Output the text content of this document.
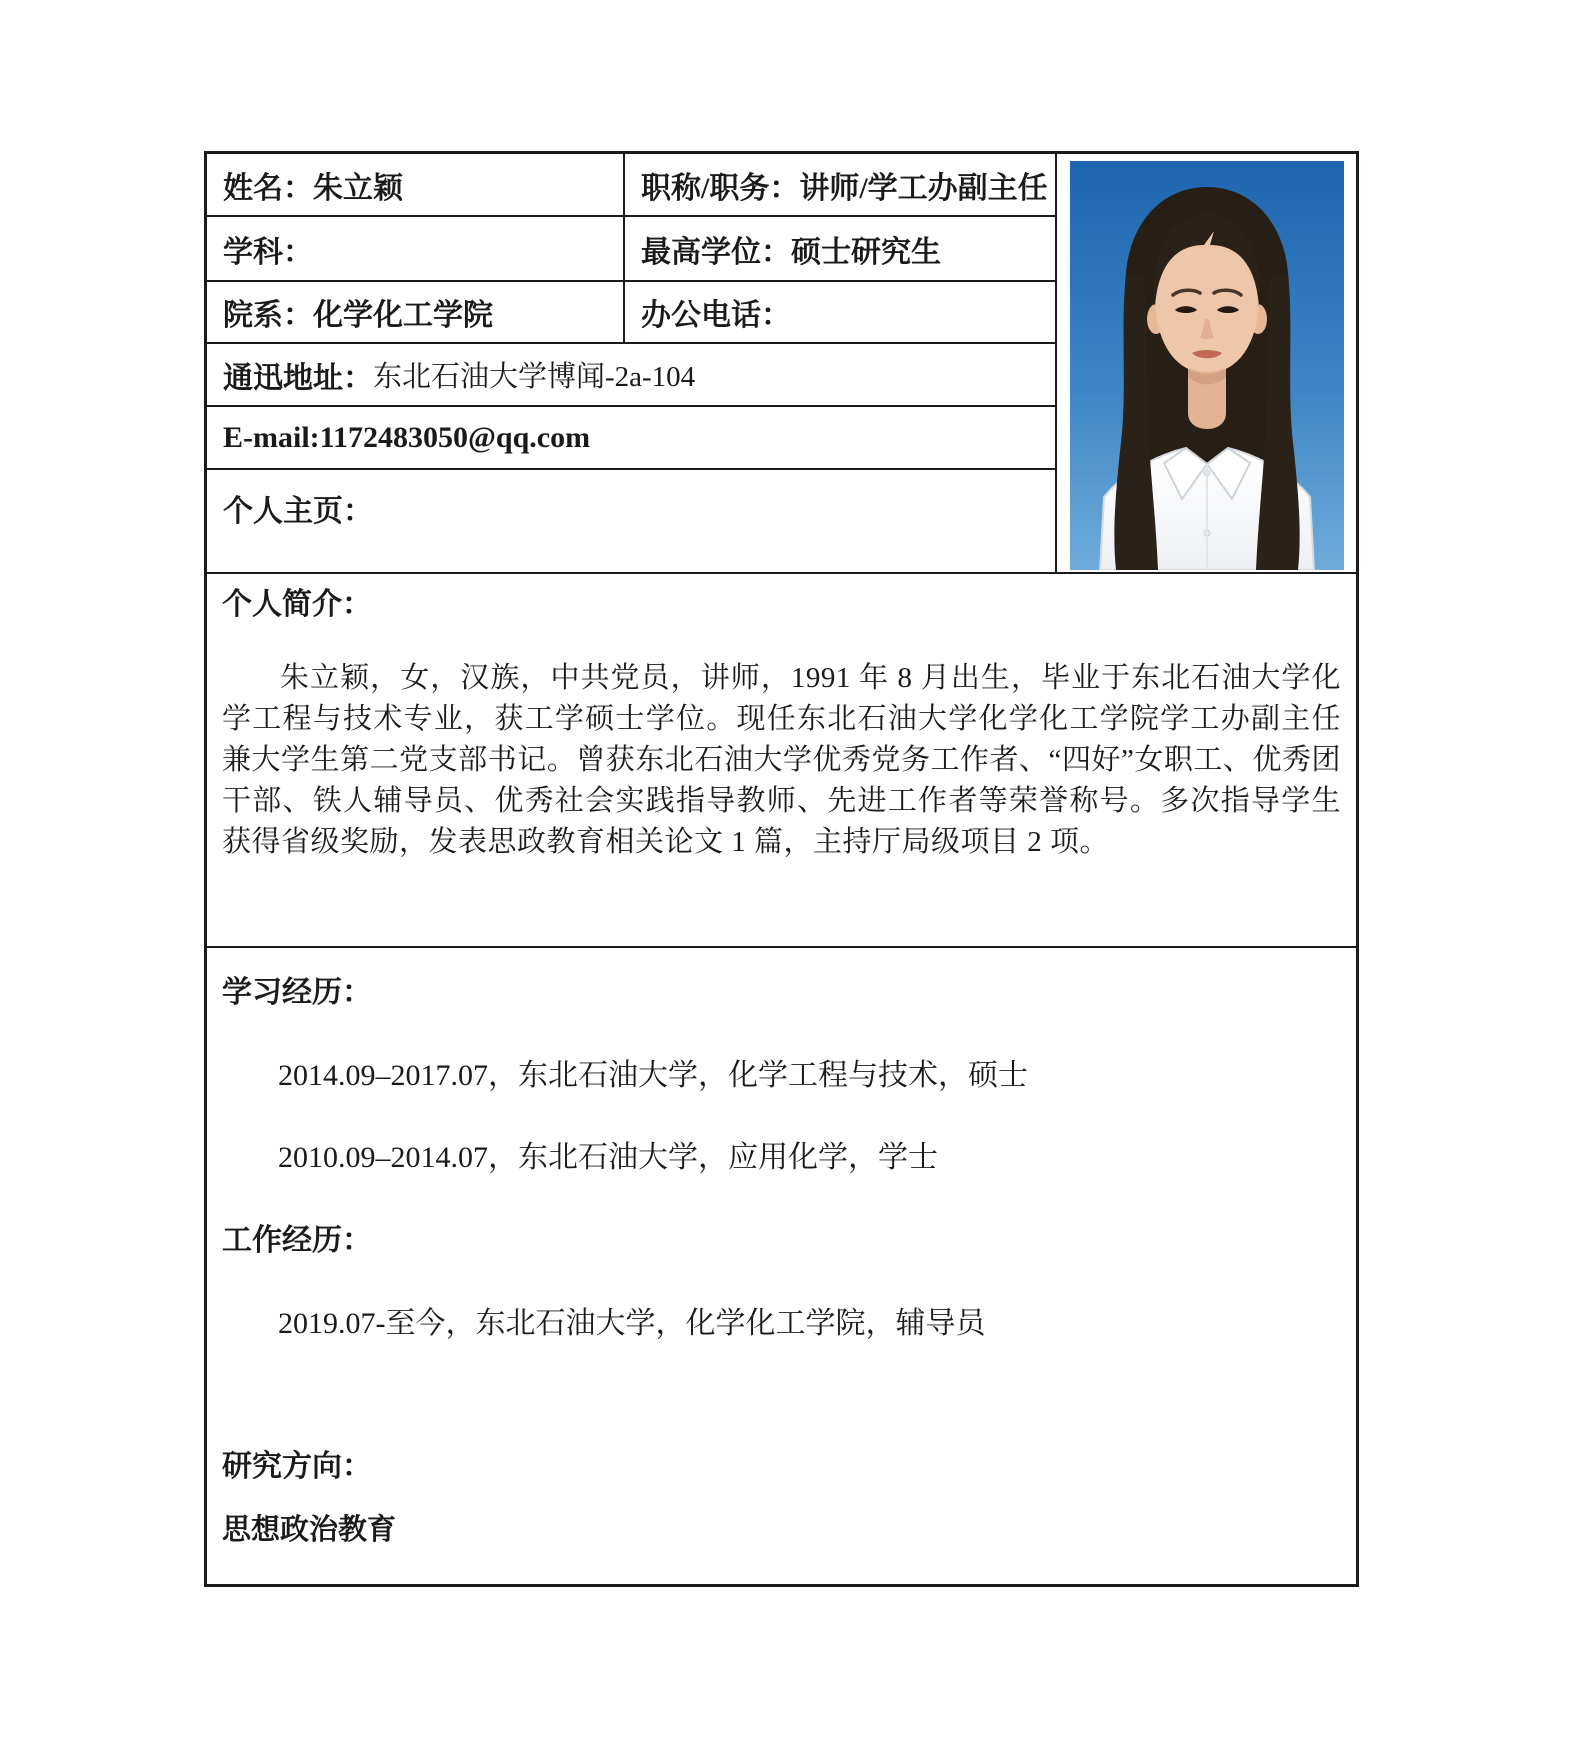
姓名： 朱立颖	职称/职务： 讲师/学工办副主任
学科：	最高学位： 硕士研究生
院系： 化学化工学院	办公电话：
通迅地址： 东北石油大学博闻-2a-104
E-mail: 1172483050@qq.com
个人主页：
个人简介：

朱立颖，女，汉族，中共党员，讲师，1991 年 8 月出生，毕业于东北石油大学化学工程与技术专业，获工学硕士学位。现任东北石油大学化学化工学院学工办副主任兼大学生第二党支部书记。曾获东北石油大学优秀党务工作者、“四好”女职工、优秀团干部、铁人辅导员、优秀社会实践指导教师、先进工作者等荣誉称号。多次指导学生获得省级奖励，发表思政教育相关论文 1 篇，主持厅局级项目 2 项。

学习经历：
2014.09–2017.07，东北石油大学，化学工程与技术，硕士
2010.09–2014.07，东北石油大学，应用化学，学士
工作经历：
2019.07-至今，东北石油大学，化学化工学院，辅导员
研究方向：
思想政治教育
